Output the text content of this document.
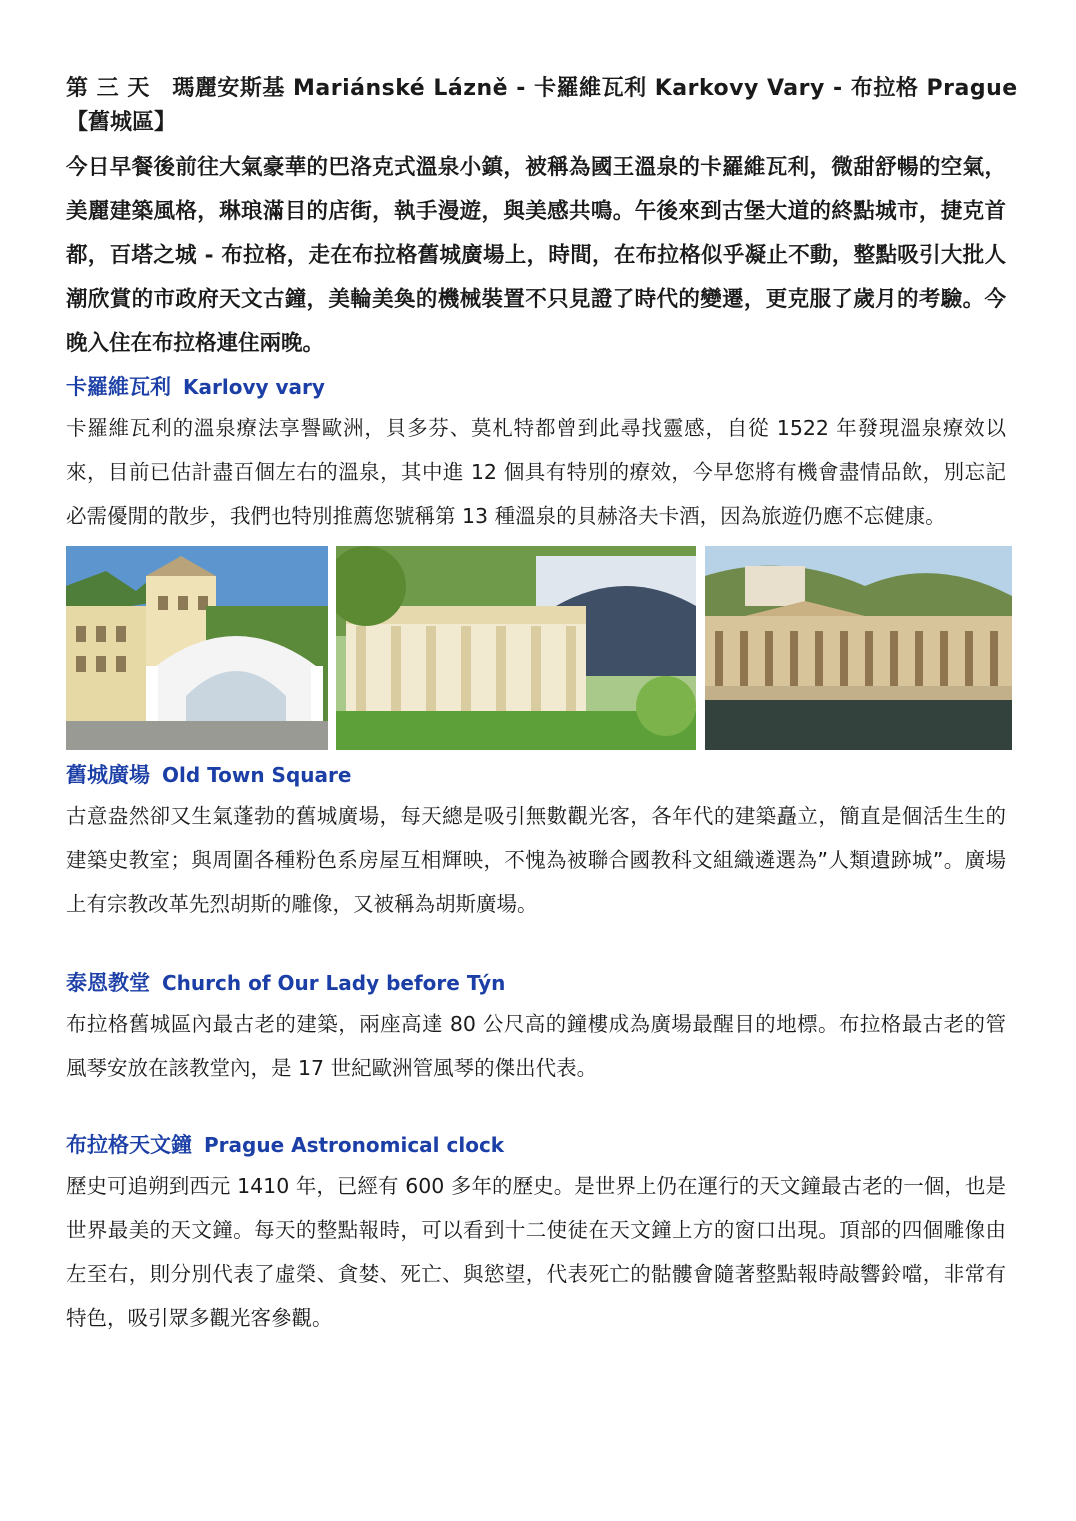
第 三 天　瑪麗安斯基 Mariánské Lázně - 卡羅維瓦利 Karkovy Vary - 布拉格 Prague
【舊城區】
今日早餐後前往大氣豪華的巴洛克式溫泉小鎮，被稱為國王溫泉的卡羅維瓦利，微甜舒暢的空氣，美麗建築風格，琳琅滿目的店街，執手漫遊，與美感共鳴。午後來到古堡大道的終點城市，捷克首都，百塔之城 - 布拉格，走在布拉格舊城廣場上，時間，在布拉格似乎凝止不動，整點吸引大批人潮欣賞的市政府天文古鐘，美輪美奐的機械裝置不只見證了時代的變遷，更克服了歲月的考驗。今晚入住在布拉格連住兩晚。
卡羅維瓦利 Karlovy vary
卡羅維瓦利的溫泉療法享譽歐洲，貝多芬、莫札特都曾到此尋找靈感，自從 1522 年發現溫泉療效以來，目前已估計盡百個左右的溫泉，其中進 12 個具有特別的療效，今早您將有機會盡情品飲，別忘記必需優閒的散步，我們也特別推薦您號稱第 13 種溫泉的貝赫洛夫卡酒，因為旅遊仍應不忘健康。
舊城廣場 Old Town Square
古意盎然卻又生氣蓬勃的舊城廣場，每天總是吸引無數觀光客，各年代的建築矗立，簡直是個活生生的建築史教室；與周圍各種粉色系房屋互相輝映，不愧為被聯合國教科文組織遴選為”人類遺跡城”。廣場上有宗教改革先烈胡斯的雕像，又被稱為胡斯廣場。
泰恩教堂 Church of Our Lady before Týn
布拉格舊城區內最古老的建築，兩座高達 80 公尺高的鐘樓成為廣場最醒目的地標。布拉格最古老的管風琴安放在該教堂內，是 17 世紀歐洲管風琴的傑出代表。
布拉格天文鐘 Prague Astronomical clock
歷史可追朔到西元 1410 年，已經有 600 多年的歷史。是世界上仍在運行的天文鐘最古老的一個，也是世界最美的天文鐘。每天的整點報時，可以看到十二使徒在天文鐘上方的窗口出現。頂部的四個雕像由左至右，則分別代表了虛榮、貪婪、死亡、與慾望，代表死亡的骷髏會隨著整點報時敲響鈴噹，非常有特色，吸引眾多觀光客參觀。
